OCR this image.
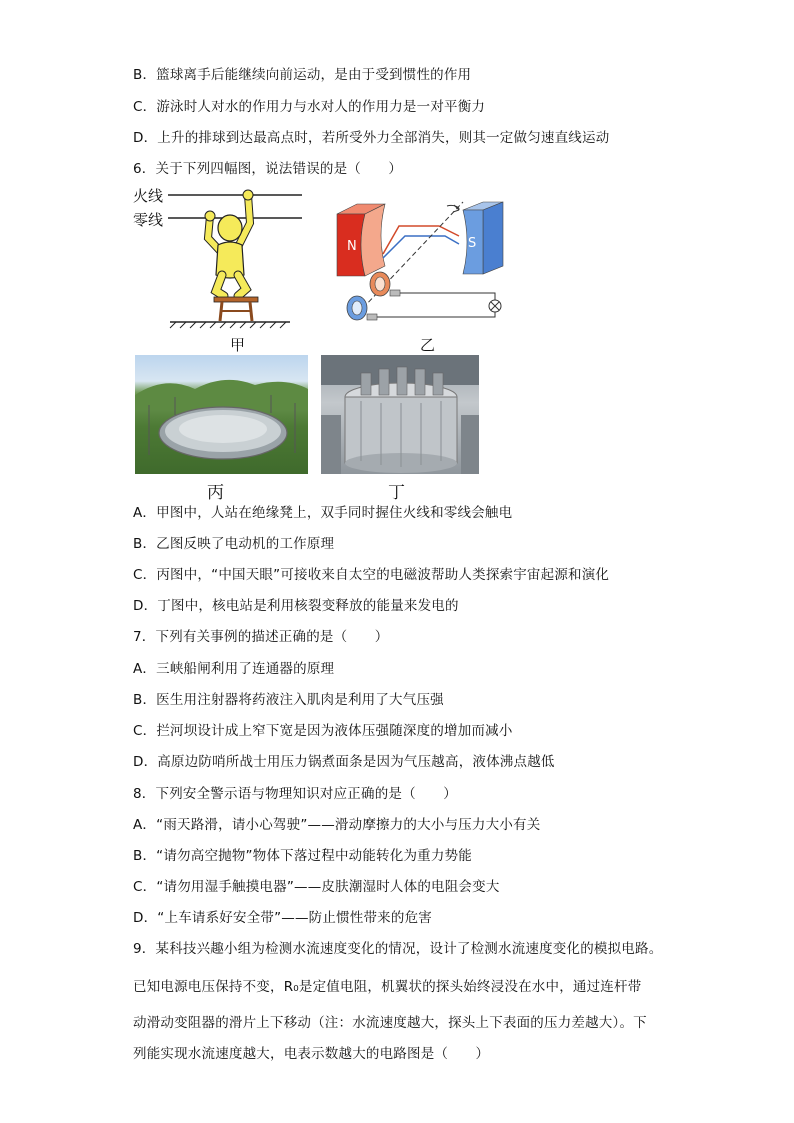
B．篮球离手后能继续向前运动，是由于受到惯性的作用
C．游泳时人对水的作用力与水对人的作用力是一对平衡力
D．上升的排球到达最高点时，若所受外力全部消失，则其一定做匀速直线运动
6．关于下列四幅图，说法错误的是（　　）
火线
零线
甲
N	S
乙
丙	丁
A．甲图中，人站在绝缘凳上，双手同时握住火线和零线会触电
B．乙图反映了电动机的工作原理
C．丙图中，“中国天眼”可接收来自太空的电磁波帮助人类探索宇宙起源和演化
D．丁图中，核电站是利用核裂变释放的能量来发电的
7．下列有关事例的描述正确的是（　　）
A．三峡船闸利用了连通器的原理
B．医生用注射器将药液注入肌肉是利用了大气压强
C．拦河坝设计成上窄下宽是因为液体压强随深度的增加而减小
D．高原边防哨所战士用压力锅煮面条是因为气压越高，液体沸点越低
8．下列安全警示语与物理知识对应正确的是（　　）
A．“雨天路滑，请小心驾驶”——滑动摩擦力的大小与压力大小有关
B．“请勿高空抛物”物体下落过程中动能转化为重力势能
C．“请勿用湿手触摸电器”——皮肤潮湿时人体的电阻会变大
D．“上车请系好安全带”——防止惯性带来的危害
9．某科技兴趣小组为检测水流速度变化的情况，设计了检测水流速度变化的模拟电路。
已知电源电压保持不变，R₀是定值电阻，机翼状的探头始终浸没在水中，通过连杆带
动滑动变阻器的滑片上下移动（注：水流速度越大，探头上下表面的压力差越大）。下
列能实现水流速度越大，电表示数越大的电路图是（　　）
